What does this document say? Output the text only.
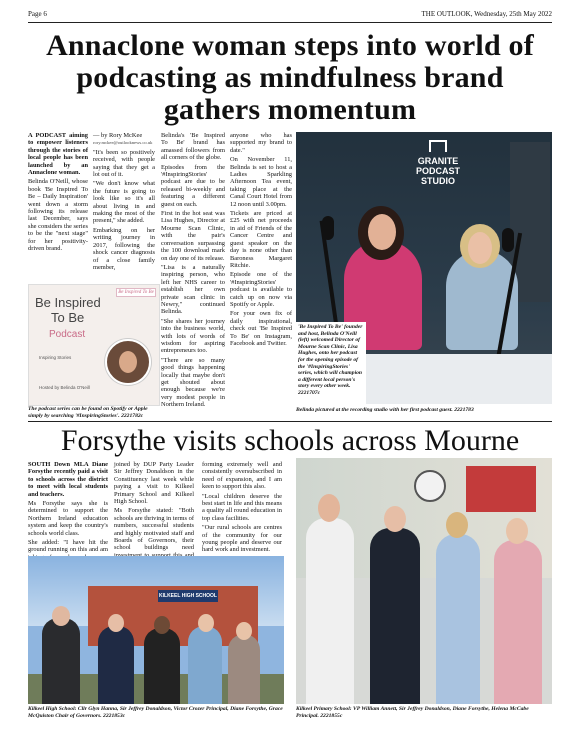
Page 6	THE OUTLOOK, Wednesday, 25th May 2022
Annaclone woman steps into world of podcasting as mindfulness brand gathers momentum

A PODCAST aiming to empower listeners through the stories of local people has been launched by an Annaclone woman.

Belinda O'Neill, whose book 'Be Inspired To Be – Daily Inspiration' went down a storm following its release last December, says she considers the series to be the "next stage" for her positivity-driven brand.

— by Rory McKee
rory.mckee@outlooknews.co.uk

"It's been so positively received, with people saying that they get a lot out of it.

"We don't know what the future is going to look like so it's all about living in and making the most of the present," she added.

Embarking on her writing journey in 2017, following the shock cancer diagnosis of a close family member,

Belinda's 'Be Inspired To Be' brand has amassed followers from all corners of the globe.

Episodes from the '#InspiringStories' podcast are due to be released bi-weekly and featuring a different guest on each.

First in the hot seat was Lisa Hughes, Director at Mourne Scan Clinic, with the pair's conversation surpassing the 100 download mark on day one of its release.

"Lisa is a naturally inspiring person, who left her NHS career to establish her own private scan clinic in Newry," continued Belinda.

"She shares her journey into the business world, with lots of words of wisdom for aspiring entrepreneurs too.

"There are so many good things happening locally that maybe don't get shouted about enough because we're very modest people in Northern Ireland.

anyone who has supported my brand to date."

On November 11, Belinda is set to host a Ladies Sparkling Afternoon Tea event, taking place at the Canal Court Hotel from 12 noon until 3.00pm.

Tickets are priced at £25 with net proceeds in aid of Friends of the Cancer Centre and guest speaker on the day is none other than Baroness Margaret Ritchie.

Episode one of the '#InspiringStories' podcast is available to catch up on now via Spotify or Apple.

For your own fix of daily inspirational, check out 'Be Inspired To Be' on Instagram, Facebook and Twitter.

Be Inspired
To Be
Podcast
Inspiring Stories
Hosted by Belinda O'Neill
Be Inspired To Be
The podcast series can be found on Spotify or Apple simply by searching '#InspiringStories'. 2221782c
GRANITE
PODCAST
STUDIO
'Be Inspired To Be' founder and host, Belinda O'Neill (left) welcomed Director of Mourne Scan Clinic, Lisa Hughes, onto her podcast for the opening episode of the '#InspiringStories' series, which will champion a different local person's story every other week. 2221707c
Belinda pictured at the recording studio with her first podcast guest. 2221783
Forsythe visits schools across Mourne

SOUTH Down MLA Diane Forsythe recently paid a visit to schools across the district to meet with local students and teachers.

Ms Forsythe says she is determined to support the Northern Ireland education system and keep the country's schools world class.

She added: "I have hit the ground running on this and am

joined by DUP Party Leader Sir Jeffrey Donaldson in the Constituency last week while paying a visit to Kilkeel Primary School and Kilkeel High School.

Ms Forsythe stated: "Both schools are thriving in terms of numbers, successful students and highly motivated staff and Boards of Governors, their school buildings need

forming extremely well and consistently oversubscribed in need of expansion, and I am keen to support this also.

"Local children deserve the best start in life and this means a quality all round education in top class facilities.

"Our rural schools are centres of the community for our young people and deserve our hard work and investment.

KILKEEL HIGH SCHOOL
Kilkeel High School: Cllr Glyn Hanna, Sir Jeffrey Donaldson, Victor Crozer Principal, Diane Forsythe, Grace McQuiston Chair of Governors. 2221853c
Kilkeel Primary School: VP William Annett, Sir Jeffrey Donaldson, Diane Forsythe, Helena McCabe Principal. 2221855c
